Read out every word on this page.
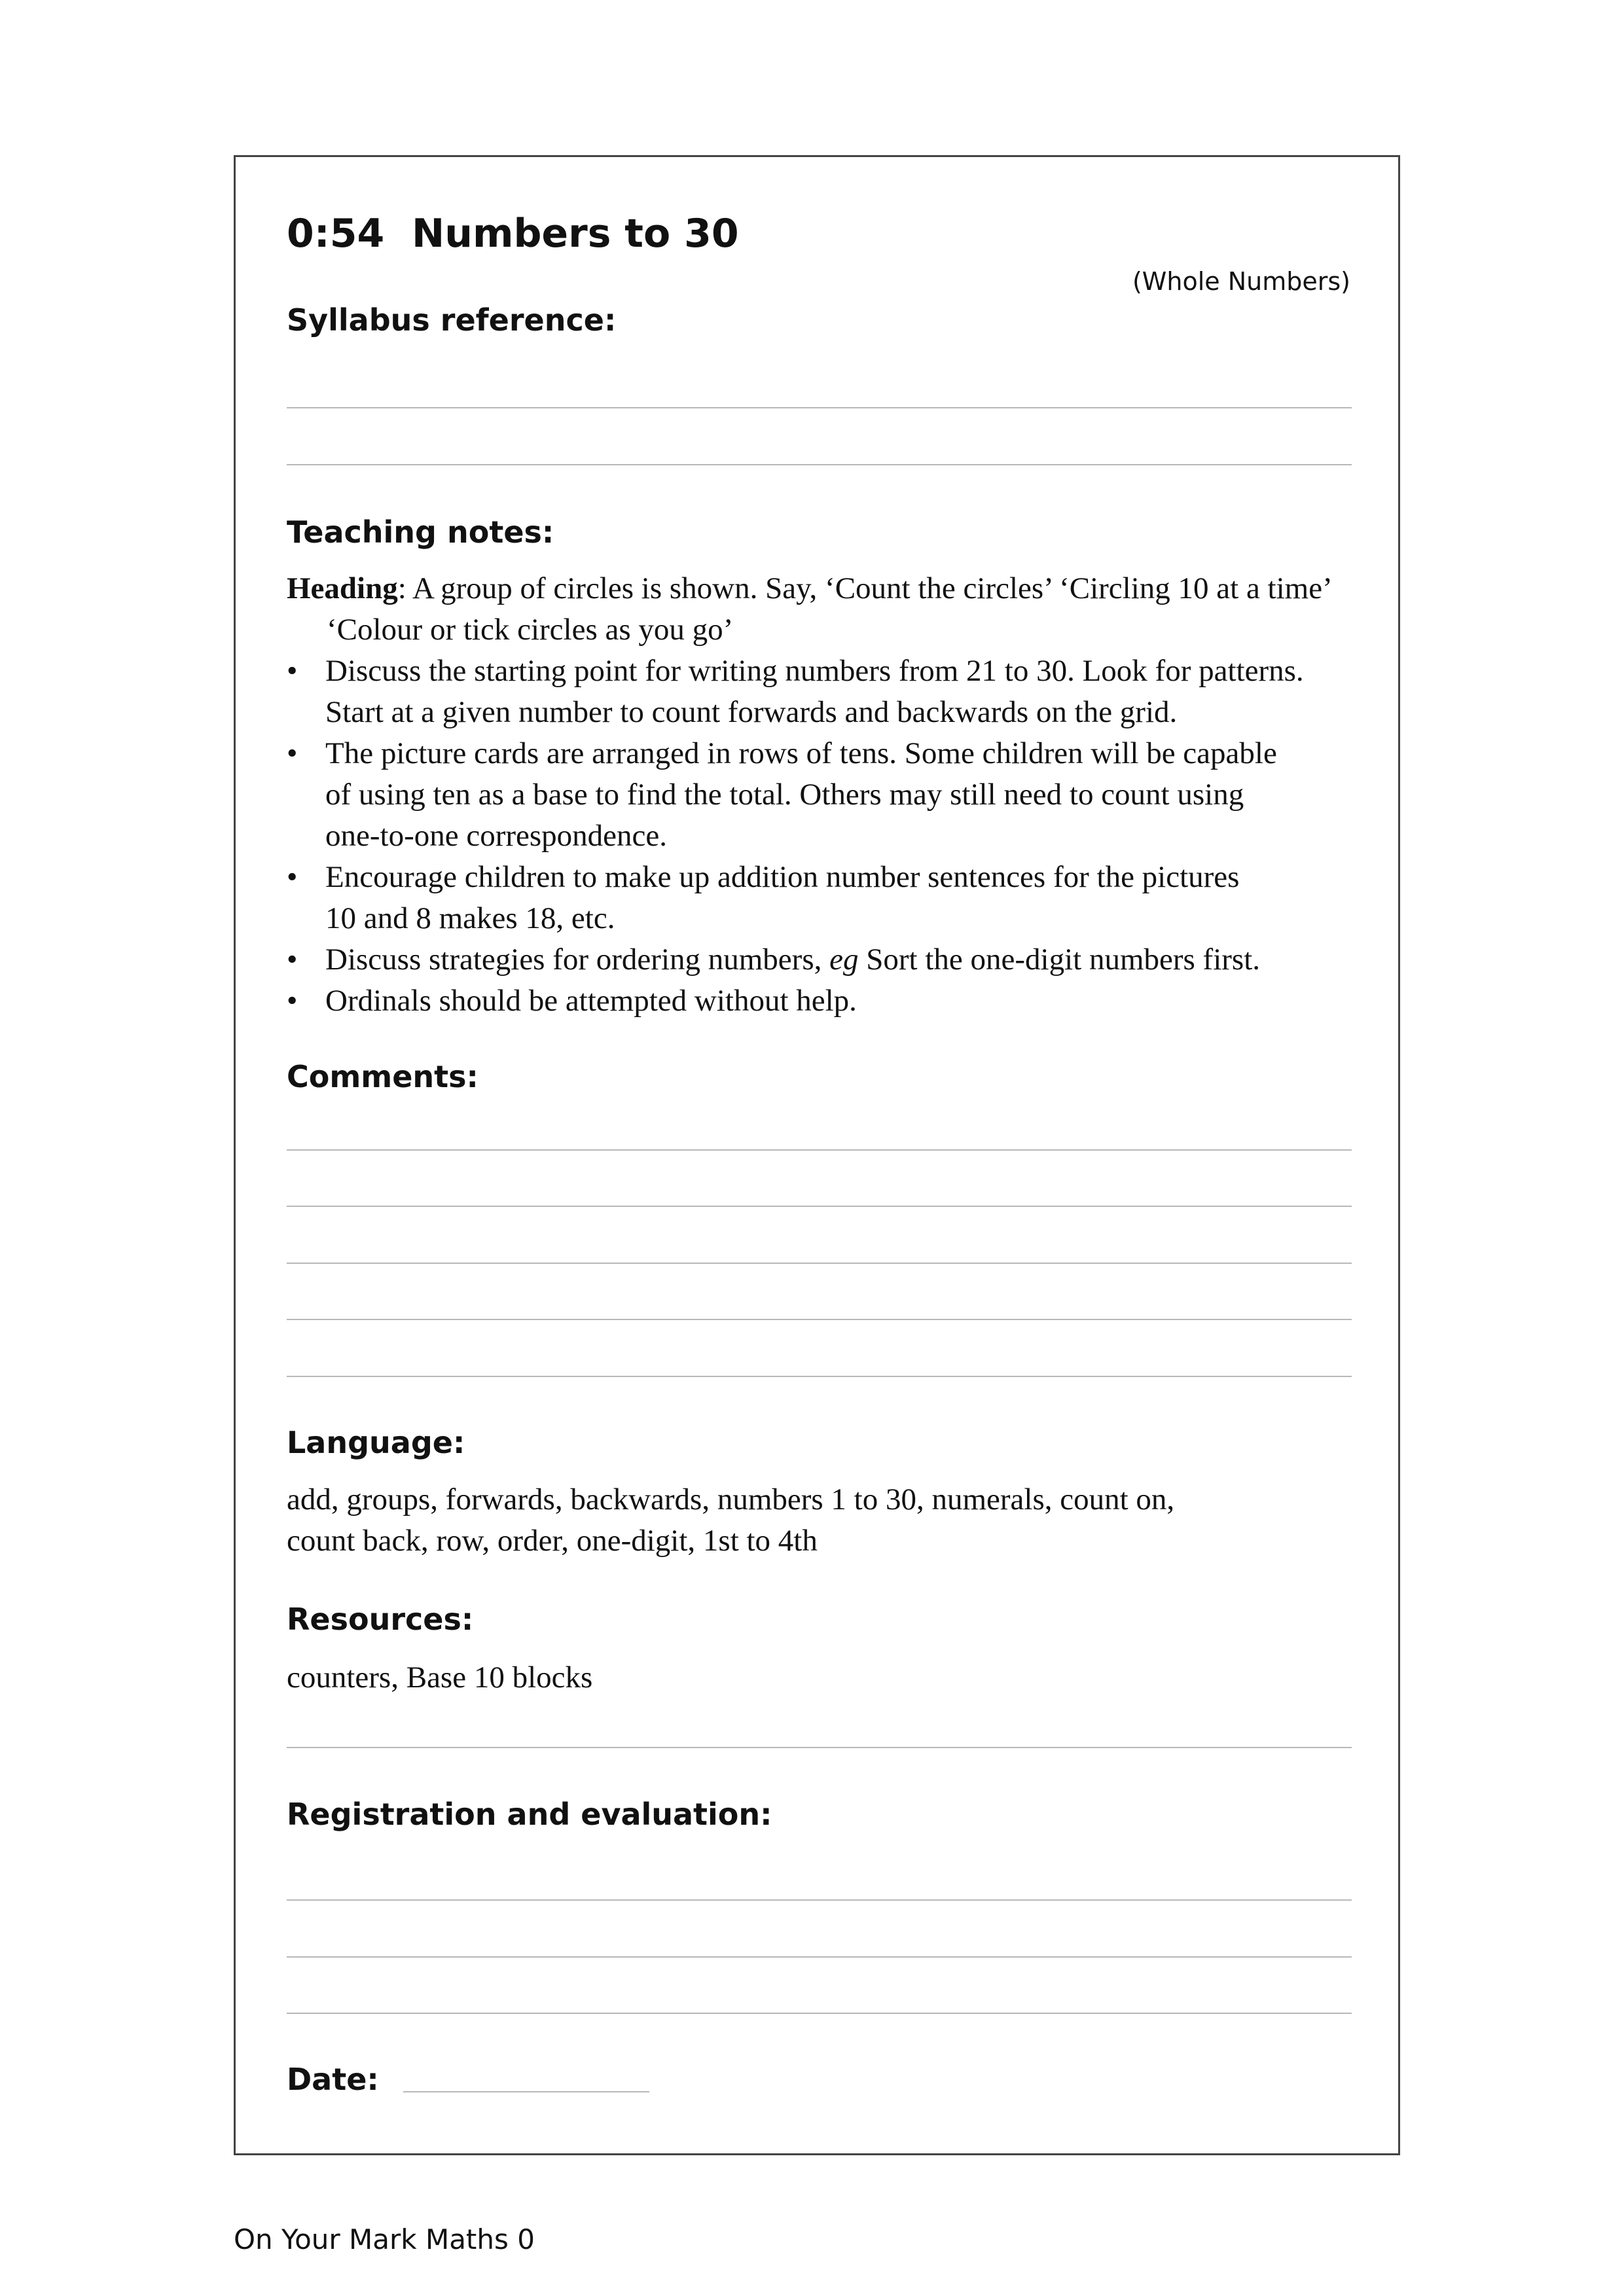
0:54  Numbers to 30
(Whole Numbers)
Syllabus reference:
Teaching notes:

Heading: A group of circles is shown. Say, ‘Count the circles’ ‘Circling 10 at a time’ ‘Colour or tick circles as you go’

• Discuss the starting point for writing numbers from 21 to 30. Look for patterns.
Start at a given number to count forwards and backwards on the grid.
• The picture cards are arranged in rows of tens. Some children will be capable
of using ten as a base to find the total. Others may still need to count using
one-to-one correspondence.
• Encourage children to make up addition number sentences for the pictures
10 and 8 makes 18, etc.
• Discuss strategies for ordering numbers, eg Sort the one-digit numbers first.
• Ordinals should be attempted without help.
Comments:
Language:
add, groups, forwards, backwards, numbers 1 to 30, numerals, count on,
count back, row, order, one-digit, 1st to 4th
Resources:
counters, Base 10 blocks
Registration and evaluation:
Date:
On Your Mark Maths 0
